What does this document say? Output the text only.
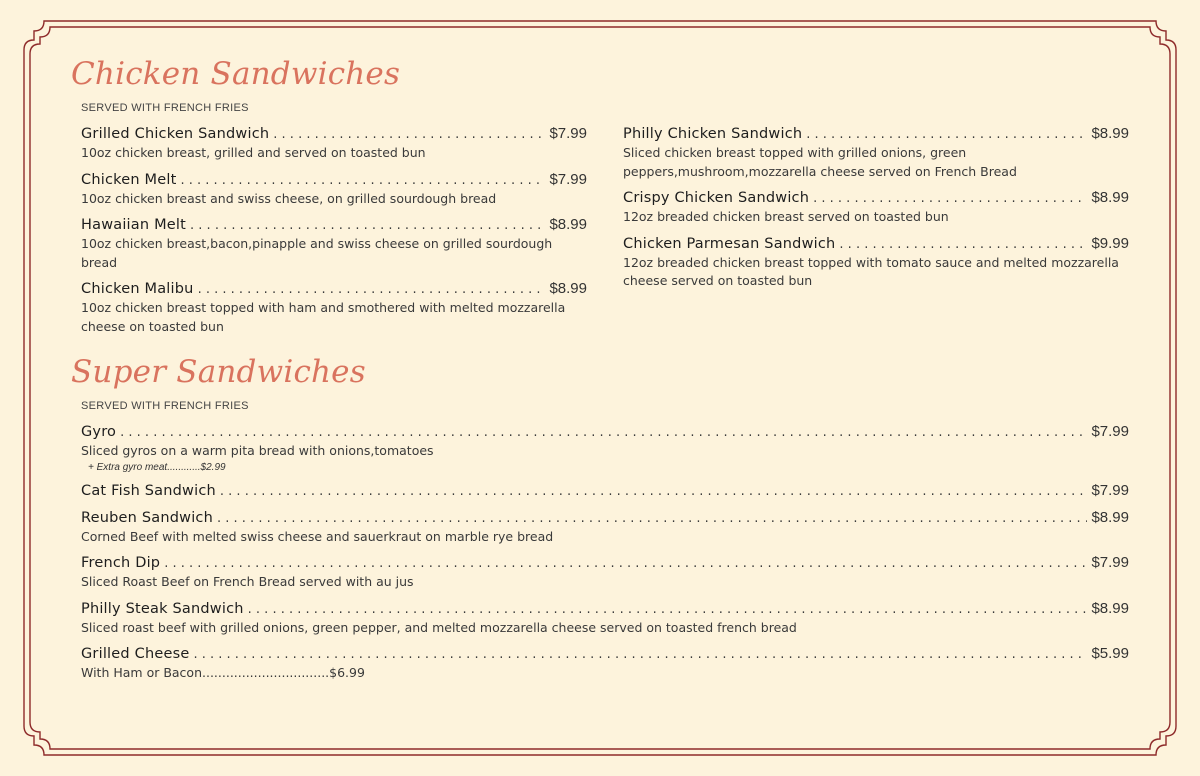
Chicken Sandwiches
SERVED WITH FRENCH FRIES
Grilled Chicken Sandwich . . .	$7.99
10oz chicken breast, grilled and served on toasted bun
Chicken Melt . . .	$7.99
10oz chicken breast and swiss cheese, on grilled sourdough bread
Hawaiian Melt . . .	$8.99
10oz chicken breast,bacon,pinapple and swiss cheese on grilled sourdough bread
Chicken Malibu . . .	$8.99
10oz chicken breast topped with ham and smothered with melted mozzarella cheese on toasted bun
Philly Chicken Sandwich . . .	$8.99
Sliced chicken breast topped with grilled onions, green peppers,mushroom,mozzarella cheese served on French Bread
Crispy Chicken Sandwich . . .	$8.99
12oz breaded chicken breast served on toasted bun
Chicken Parmesan Sandwich . . .	$9.99
12oz breaded chicken breast topped with tomato sauce and melted mozzarella cheese served on toasted bun
Super Sandwiches
SERVED WITH FRENCH FRIES
Gyro . . .	$7.99
Sliced gyros on a warm pita bread with onions,tomatoes
+ Extra gyro meat............$2.99
Cat Fish Sandwich . . .	$7.99
Reuben Sandwich . . .	$8.99
Corned Beef with melted swiss cheese and sauerkraut on marble rye bread
French Dip . . .	$7.99
Sliced Roast Beef on French Bread served with au jus
Philly Steak Sandwich . . .	$8.99
Sliced roast beef with grilled onions, green pepper, and melted mozzarella cheese served on toasted french bread
Grilled Cheese . . .	$5.99
With Ham or Bacon................................$6.99
